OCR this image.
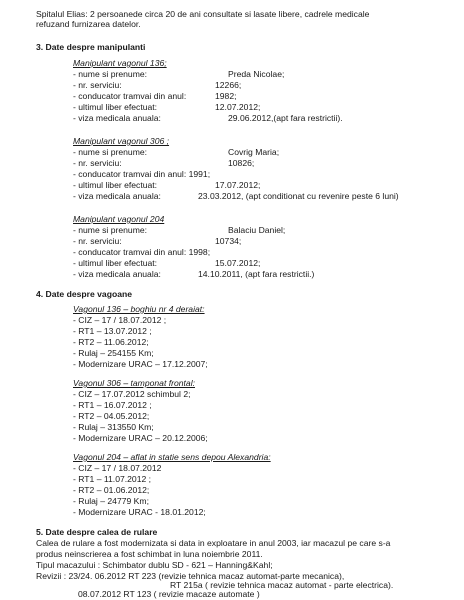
Spitalul Elias: 2 persoanede circa 20 de ani consultate si lasate libere, cadrele medicale
refuzand furnizarea datelor.
3. Date despre manipulanti
Manipulant vagonul 136;
- nume si prenume:	Preda Nicolae;
- nr. serviciu:	12266;
- conducator tramvai din anul:	1982;
- ultimul liber efectuat:	12.07.2012;
- viza medicala anuala:	29.06.2012,(apt fara restrictii).
Manipulant vagonul 306 ;
- nume si prenume:	Covrig Maria;
- nr. serviciu:	10826;
- conducator tramvai din anul: 1991;
- ultimul liber efectuat:	17.07.2012;
- viza medicala anuala:	23.03.2012, (apt conditionat cu revenire peste 6 luni)
Manipulant vagonul 204
- nume si prenume:	Balaciu Daniel;
- nr. serviciu:	10734;
- conducator tramvai din anul: 1998;
- ultimul liber efectuat:	15.07.2012;
- viza medicala anuala:	14.10.2011, (apt fara restrictii.)
4. Date despre vagoane
Vagonul 136 – boghiu nr 4 deraiat:
- CIZ – 17 / 18.07.2012 ;
- RT1 – 13.07.2012 ;
- RT2 – 11.06.2012;
- Rulaj – 254155 Km;
- Modernizare URAC – 17.12.2007;
Vagonul 306 – tamponat frontal:
- CIZ – 17.07.2012 schimbul 2;
- RT1 – 16.07.2012 ;
- RT2 – 04.05.2012;
- Rulaj – 313550 Km;
- Modernizare URAC – 20.12.2006;
Vagonul 204 – aflat in statie sens depou Alexandria:
- CIZ – 17 / 18.07.2012
- RT1 – 11.07.2012 ;
- RT2 – 01.06.2012;
- Rulaj – 24779 Km;
- Modernizare URAC - 18.01.2012;
5. Date despre calea de rulare
Calea de rulare a fost modernizata si data in exploatare in anul 2003, iar macazul pe care s-a
produs neinscrierea a fost schimbat in luna noiembrie 2011.
Tipul macazului : Schimbator dublu SD - 621 – Hanning&Kahl;
Revizii : 23/24. 06.2012 RT 223 (revizie tehnica macaz automat-parte mecanica),
RT 215a ( revizie tehnica macaz automat - parte electrica).
08.07.2012 RT 123 ( revizie macaze automate )
